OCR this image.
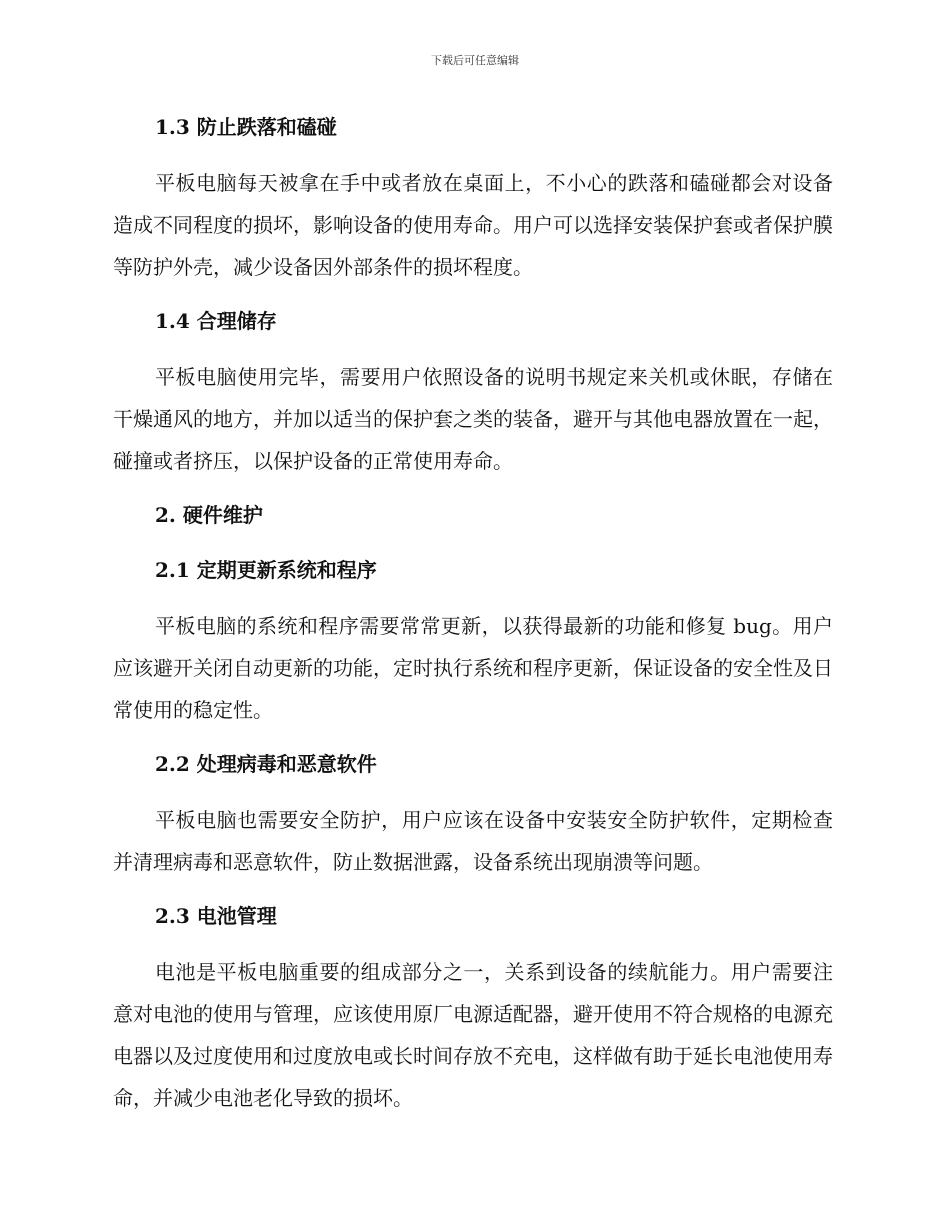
下载后可任意编辑
1.3 防止跌落和磕碰

平板电脑每天被拿在手中或者放在桌面上，不小心的跌落和磕碰都会对设备造成不同程度的损坏，影响设备的使用寿命。用户可以选择安装保护套或者保护膜等防护外壳，减少设备因外部条件的损坏程度。

1.4 合理储存

平板电脑使用完毕，需要用户依照设备的说明书规定来关机或休眠，存储在干燥通风的地方，并加以适当的保护套之类的装备，避开与其他电器放置在一起，碰撞或者挤压，以保护设备的正常使用寿命。

2. 硬件维护
2.1 定期更新系统和程序

平板电脑的系统和程序需要常常更新，以获得最新的功能和修复 bug。用户应该避开关闭自动更新的功能，定时执行系统和程序更新，保证设备的安全性及日常使用的稳定性。

2.2 处理病毒和恶意软件

平板电脑也需要安全防护，用户应该在设备中安装安全防护软件，定期检查并清理病毒和恶意软件，防止数据泄露，设备系统出现崩溃等问题。

2.3 电池管理

电池是平板电脑重要的组成部分之一，关系到设备的续航能力。用户需要注意对电池的使用与管理，应该使用原厂电源适配器，避开使用不符合规格的电源充电器以及过度使用和过度放电或长时间存放不充电，这样做有助于延长电池使用寿命，并减少电池老化导致的损坏。
